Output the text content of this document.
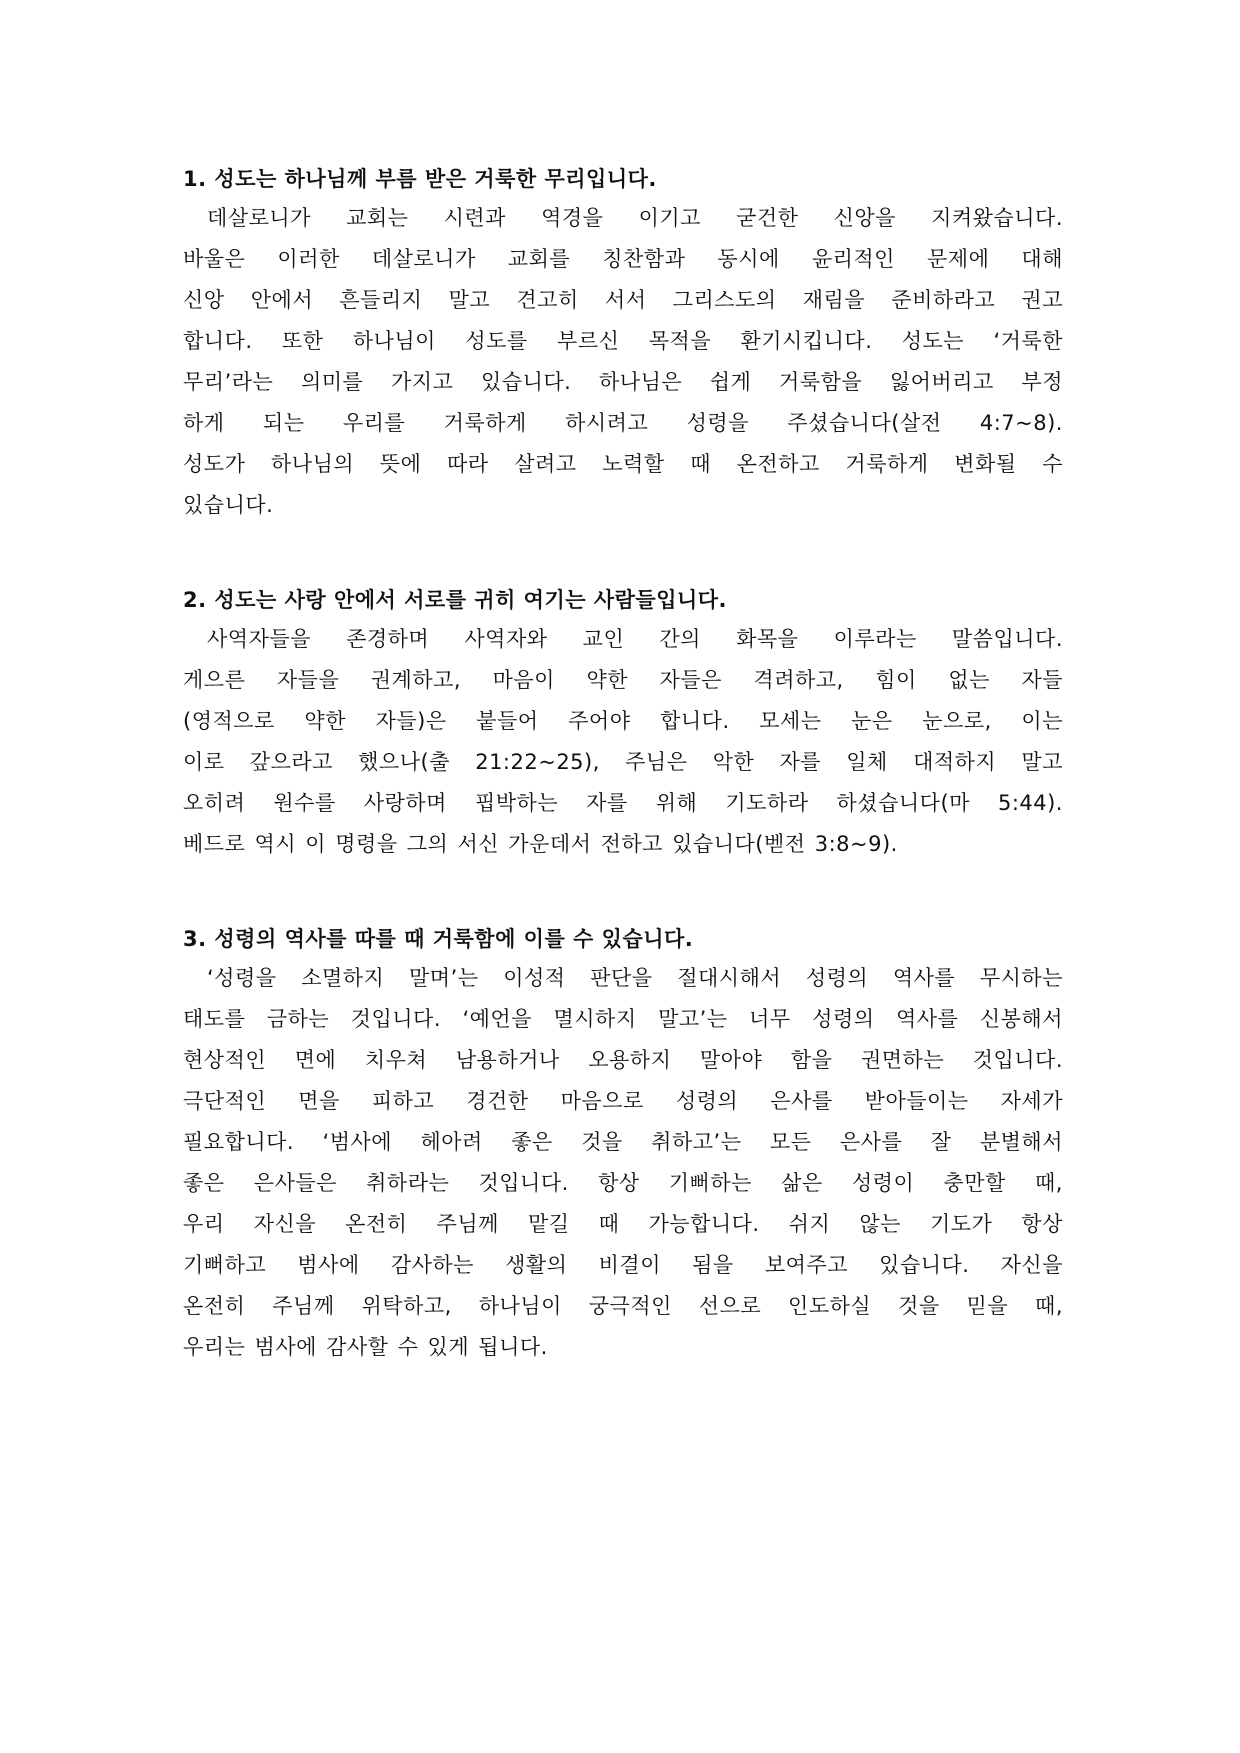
1. 성도는 하나님께 부름 받은 거룩한 무리입니다.

데살로니가 교회는 시련과 역경을 이기고 굳건한 신앙을 지켜왔습니다.

바울은 이러한 데살로니가 교회를 칭찬함과 동시에 윤리적인 문제에 대해

신앙 안에서 흔들리지 말고 견고히 서서 그리스도의 재림을 준비하라고 권고

합니다. 또한 하나님이 성도를 부르신 목적을 환기시킵니다. 성도는 ‘거룩한

무리’라는 의미를 가지고 있습니다. 하나님은 쉽게 거룩함을 잃어버리고 부정

하게 되는 우리를 거룩하게 하시려고 성령을 주셨습니다(살전 4:7~8).

성도가 하나님의 뜻에 따라 살려고 노력할 때 온전하고 거룩하게 변화될 수

있습니다.

2. 성도는 사랑 안에서 서로를 귀히 여기는 사람들입니다.

사역자들을 존경하며 사역자와 교인 간의 화목을 이루라는 말씀입니다.

게으른 자들을 권계하고, 마음이 약한 자들은 격려하고, 힘이 없는 자들

(영적으로 약한 자들)은 붙들어 주어야 합니다. 모세는 눈은 눈으로, 이는

이로 갚으라고 했으나(출 21:22~25), 주님은 악한 자를 일체 대적하지 말고

오히려 원수를 사랑하며 핍박하는 자를 위해 기도하라 하셨습니다(마 5:44).

베드로 역시 이 명령을 그의 서신 가운데서 전하고 있습니다(벧전 3:8~9).

3. 성령의 역사를 따를 때 거룩함에 이를 수 있습니다.

‘성령을 소멸하지 말며’는 이성적 판단을 절대시해서 성령의 역사를 무시하는

태도를 금하는 것입니다. ‘예언을 멸시하지 말고’는 너무 성령의 역사를 신봉해서

현상적인 면에 치우쳐 남용하거나 오용하지 말아야 함을 권면하는 것입니다.

극단적인 면을 피하고 경건한 마음으로 성령의 은사를 받아들이는 자세가

필요합니다. ‘범사에 헤아려 좋은 것을 취하고’는 모든 은사를 잘 분별해서

좋은 은사들은 취하라는 것입니다. 항상 기뻐하는 삶은 성령이 충만할 때,

우리 자신을 온전히 주님께 맡길 때 가능합니다. 쉬지 않는 기도가 항상

기뻐하고 범사에 감사하는 생활의 비결이 됨을 보여주고 있습니다. 자신을

온전히 주님께 위탁하고, 하나님이 궁극적인 선으로 인도하실 것을 믿을 때,

우리는 범사에 감사할 수 있게 됩니다.
